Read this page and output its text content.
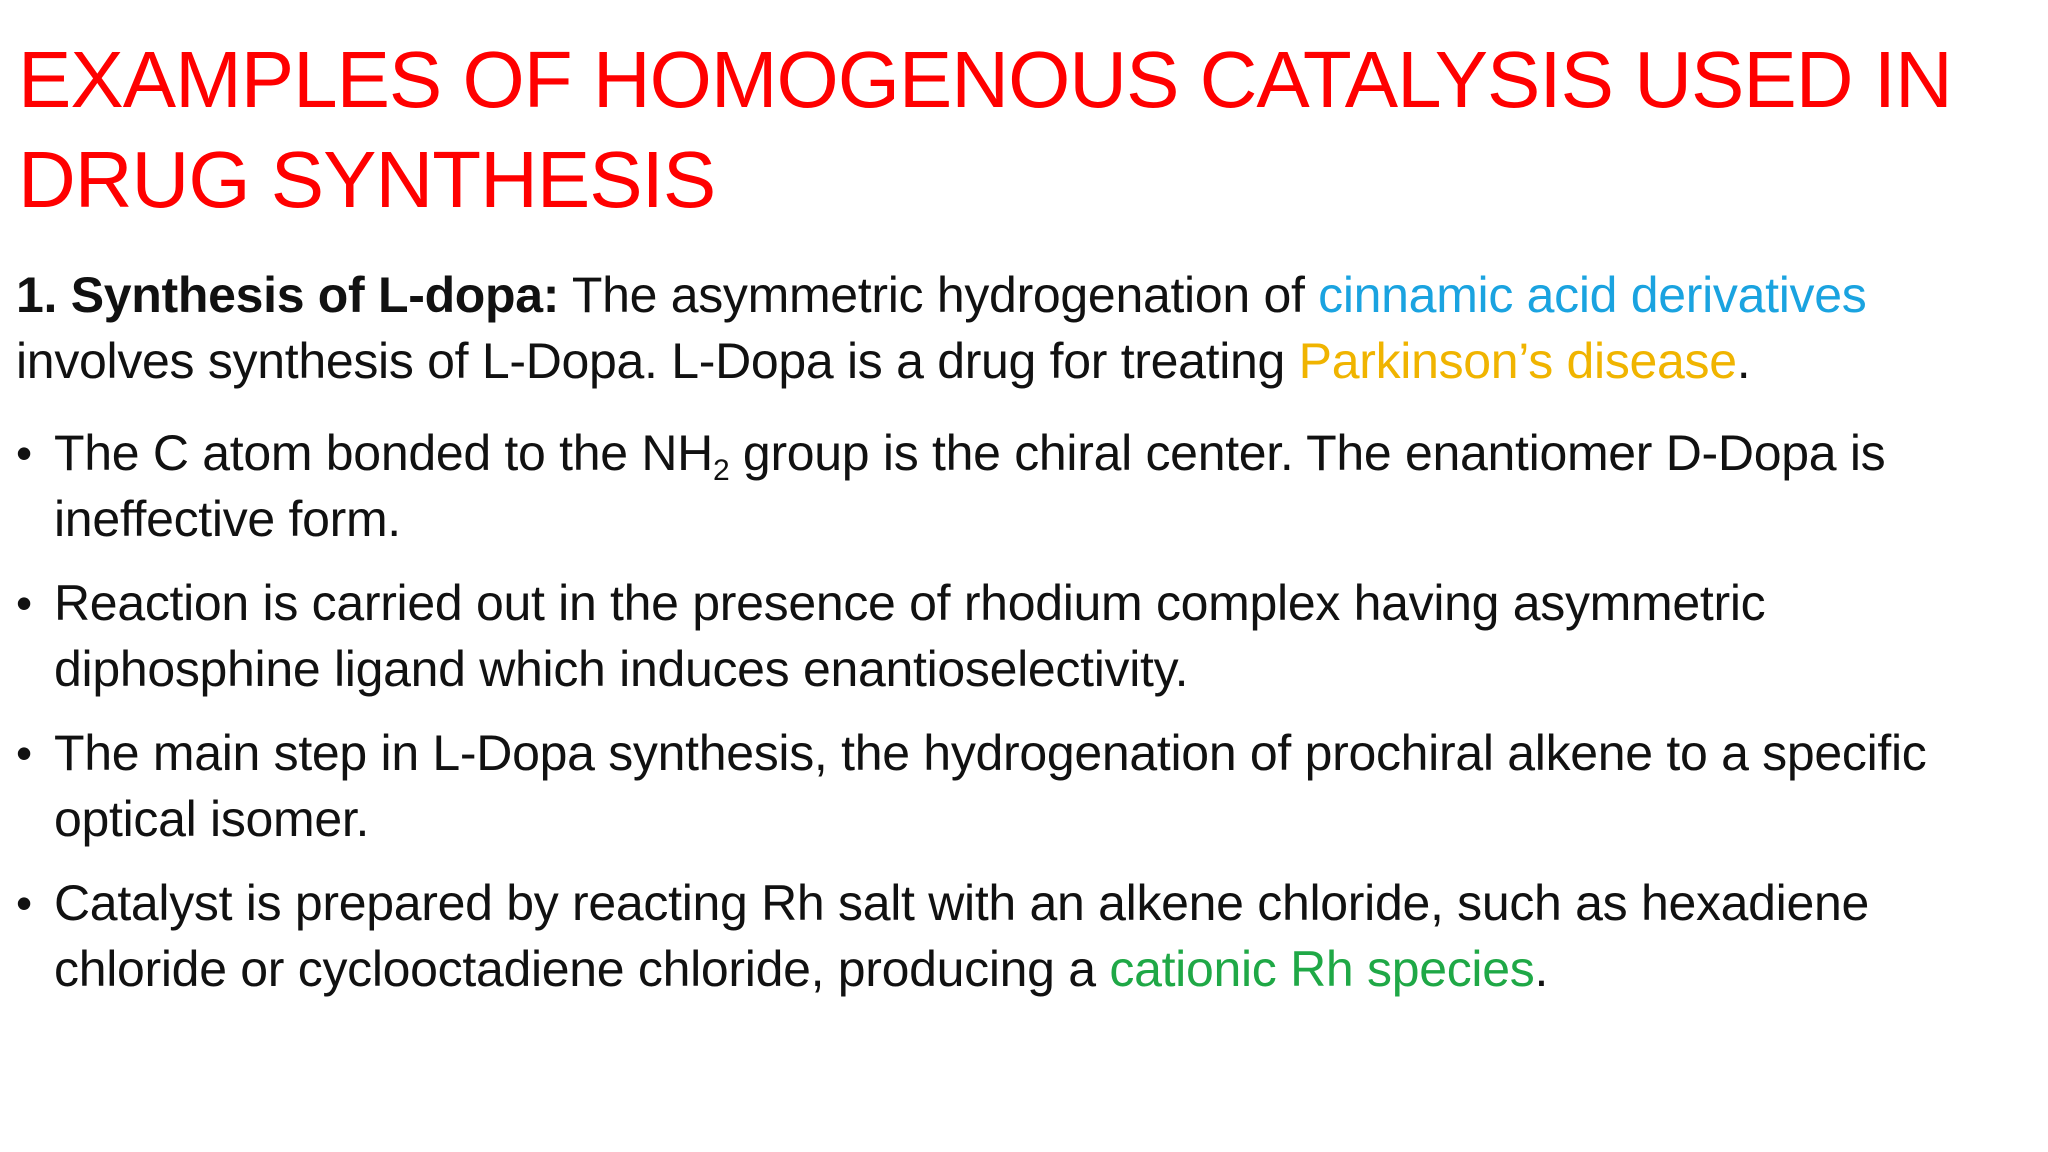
EXAMPLES OF HOMOGENOUS CATALYSIS USED IN
DRUG SYNTHESIS

1. Synthesis of L-dopa: The asymmetric hydrogenation of cinnamic acid derivatives involves synthesis of L-Dopa. L-Dopa is a drug for treating Parkinson’s disease.

• The C atom bonded to the $NH_2$ group is the chiral center. The enantiomer D-Dopa is ineffective form.
• Reaction is carried out in the presence of rhodium complex having asymmetric diphosphine ligand which induces enantioselectivity.
• The main step in L-Dopa synthesis, the hydrogenation of prochiral alkene to a specific optical isomer.
• Catalyst is prepared by reacting Rh salt with an alkene chloride, such as hexadiene chloride or cyclooctadiene chloride, producing a cationic Rh species.
